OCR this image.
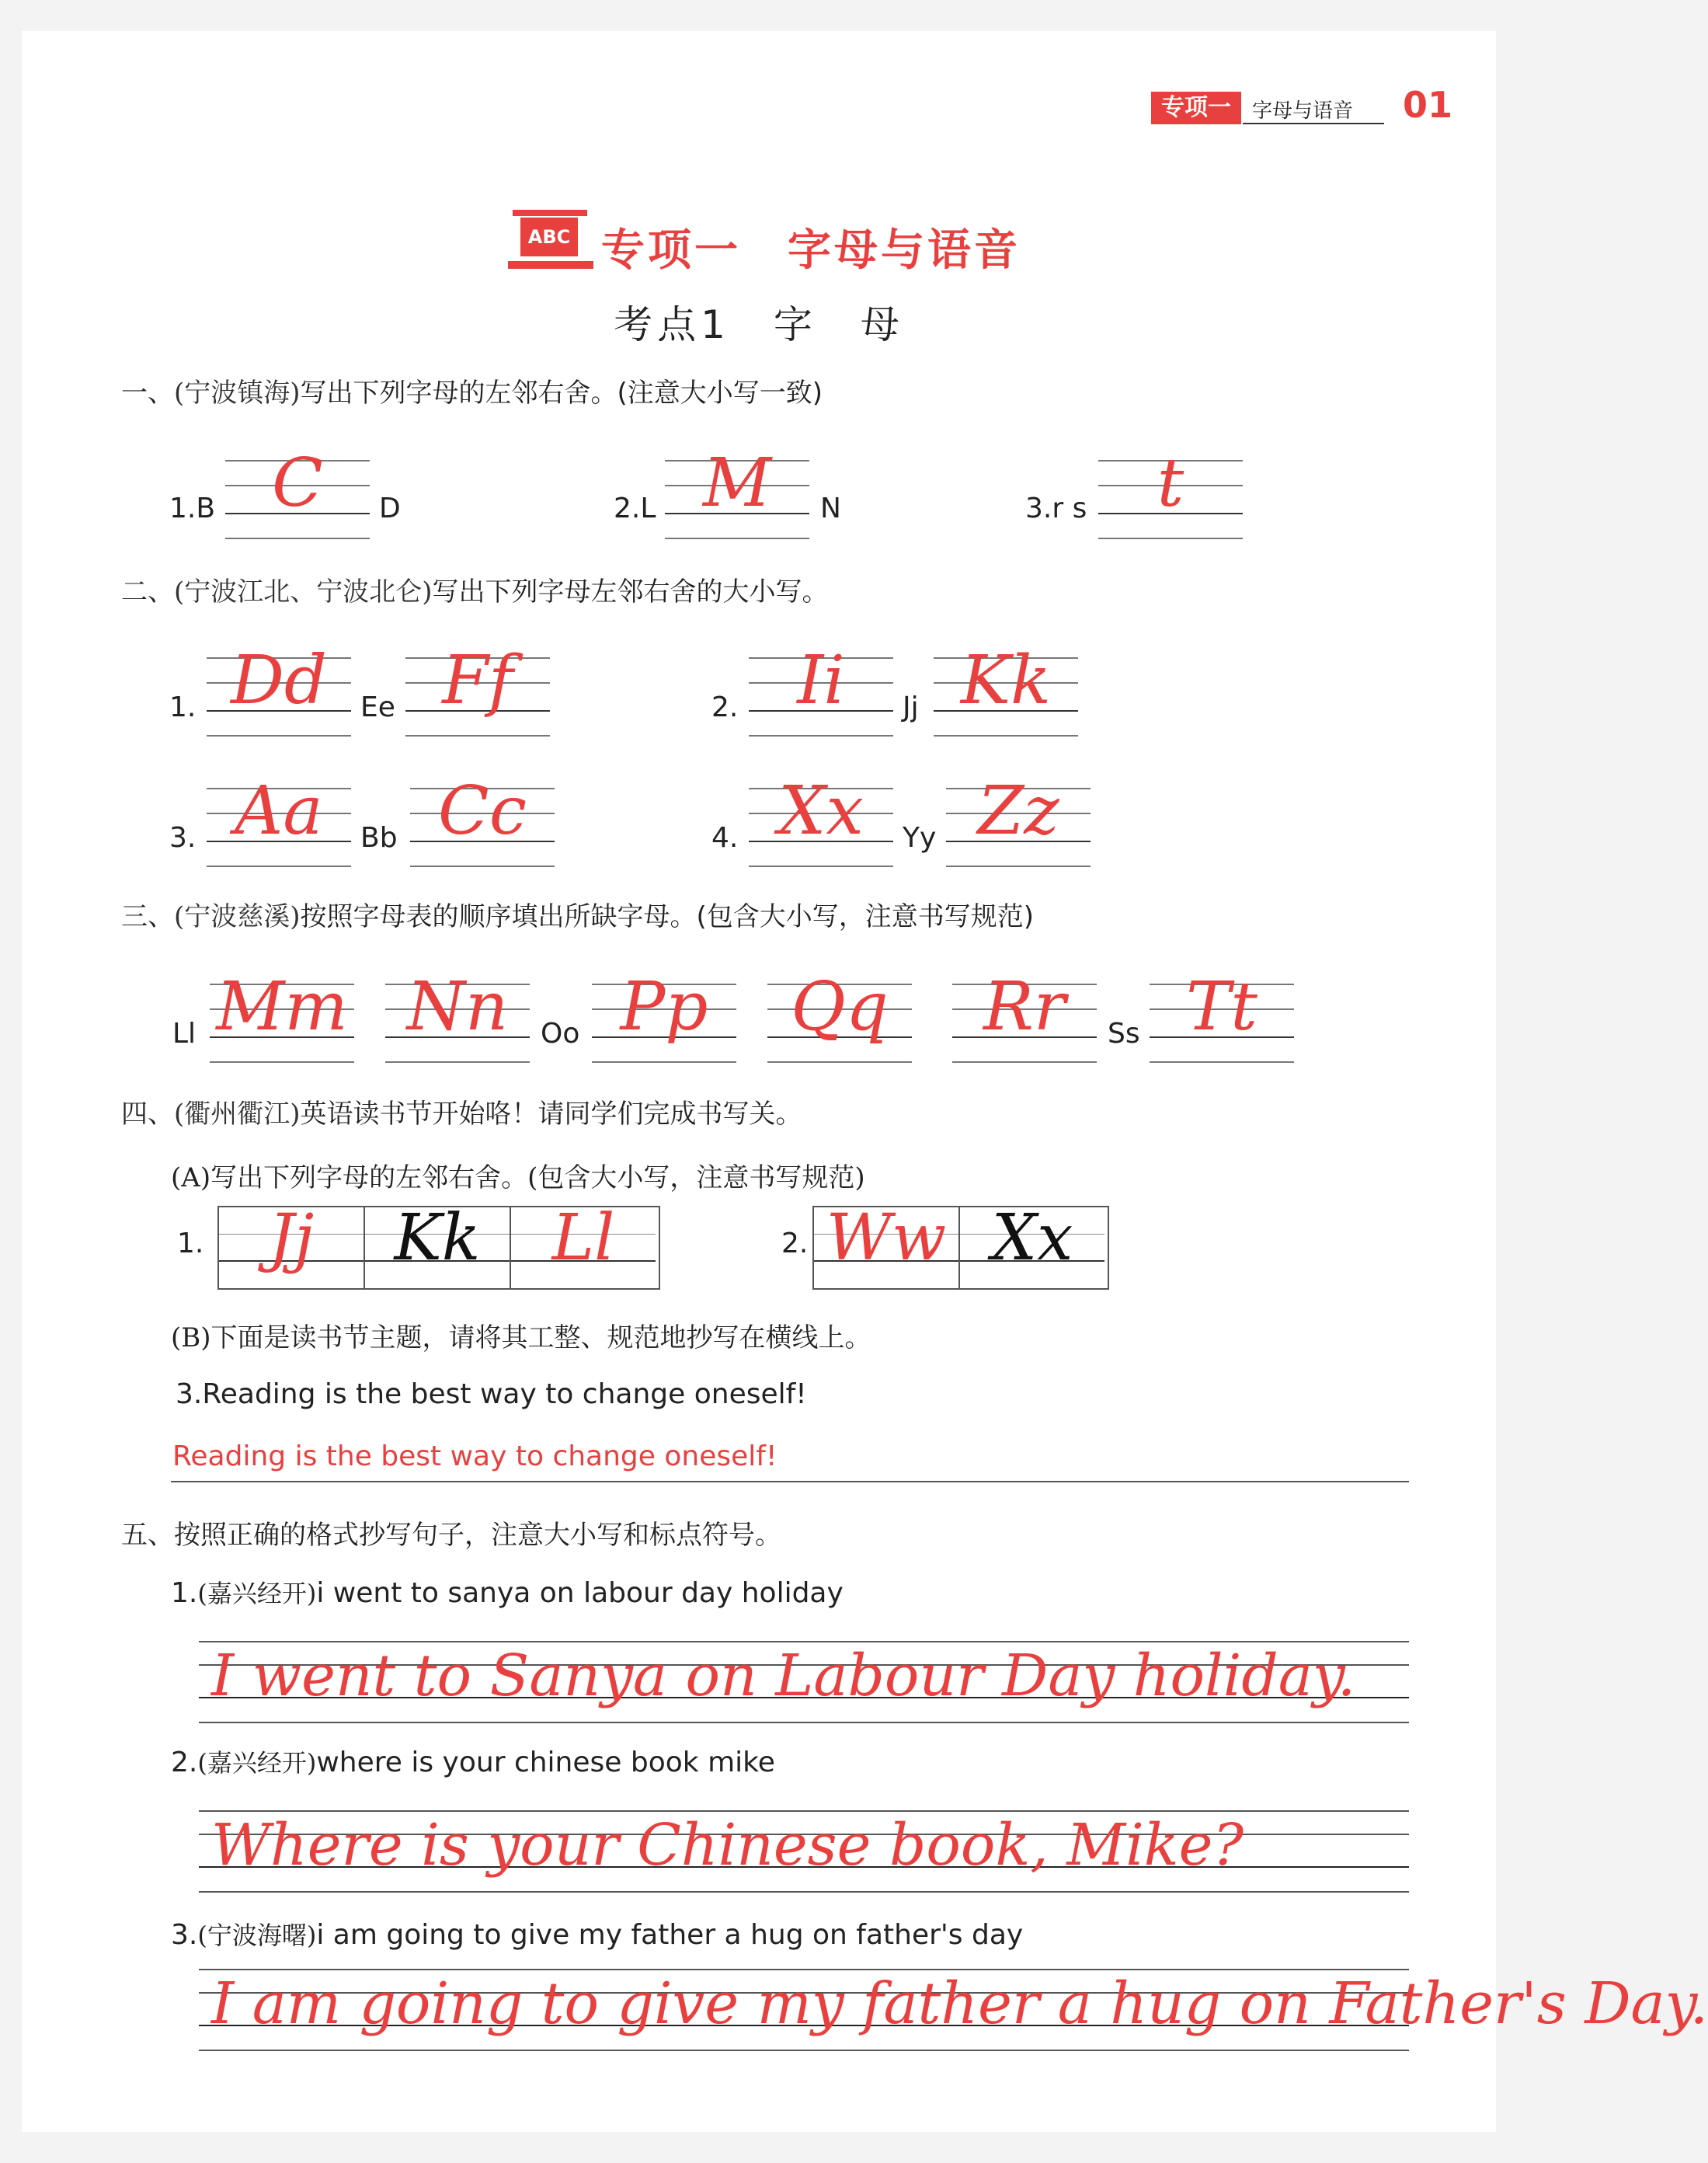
专项一	字母与语音 01
ABC 专项一　字母与语音
考点1　字　母
一、(宁波镇海)写出下列字母的左邻右舍。(注意大小写一致)
1.B C	D	2.L M	N	3.r s	t
二、(宁波江北、宁波北仑)写出下列字母左邻右舍的大小写。
1. Dd	Ee Ff	2. Ii	Jj Kk
3. Aa	Bb Cc	4. Xx	Yy Zz
三、(宁波慈溪)按照字母表的顺序填出所缺字母。(包含大小写，注意书写规范)
Ll Mm Nn	Oo Pp	Qq	Rr	Ss Tt
四、(衢州衢江)英语读书节开始咯！请同学们完成书写关。
(A)写出下列字母的左邻右舍。(包含大小写，注意书写规范)
1.	Jj	Kk	Ll	2. Ww Xx
(B)下面是读书节主题，请将其工整、规范地抄写在横线上。
3.Reading is the best way to change oneself!
Reading is the best way to change oneself!
五、按照正确的格式抄写句子，注意大小写和标点符号。
1.(嘉兴经开)i went to sanya on labour day holiday
I went to Sanya on Labour Day holiday.
2.(嘉兴经开)where is your chinese book mike
Where is your Chinese book, Mike?
3.(宁波海曙)i am going to give my father a hug on father's day
I am going to give my father a hug on Father's Day.
